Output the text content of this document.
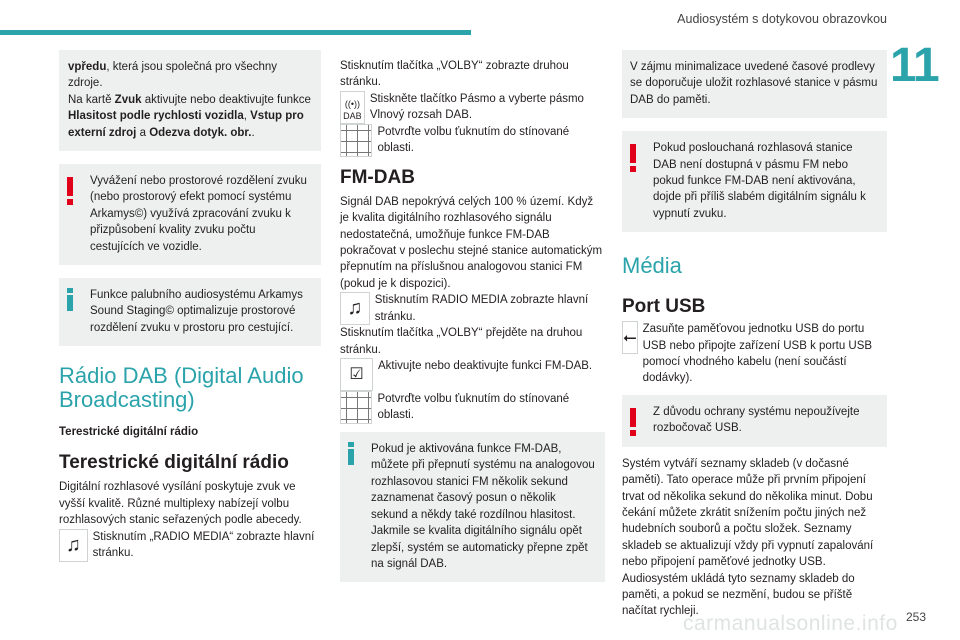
Audiosystém s dotykovou obrazovkou
11
vpředu, která jsou společná pro všechny zdroje.
Na kartě Zvuk aktivujte nebo deaktivujte funkce Hlasitost podle rychlosti vozidla, Vstup pro externí zdroj a Odezva dotyk. obr..
Vyvážení nebo prostorové rozdělení zvuku (nebo prostorový efekt pomocí systému Arkamys©) využívá zpracování zvuku k přizpůsobení kvality zvuku počtu cestujících ve vozidle.
Funkce palubního audiosystému Arkamys Sound Staging© optimalizuje prostorové rozdělení zvuku v prostoru pro cestující.
Rádio DAB (Digital Audio Broadcasting)
Terestrické digitální rádio
Terestrické digitální rádio
Digitální rozhlasové vysílání poskytuje zvuk ve vyšší kvalitě. Různé multiplexy nabízejí volbu rozhlasových stanic seřazených podle abecedy.
♫	Stisknutím „RADIO MEDIA“ zobrazte hlavní stránku.
Stisknutím tlačítka „VOLBY“ zobrazte druhou stránku.
((•))
DAB
Stiskněte tlačítko Pásmo a vyberte pásmo Vlnový rozsah DAB.
Potvrďte volbu ťuknutím do stínované oblasti.
FM-DAB
Signál DAB nepokrývá celých 100 % území. Když je kvalita digitálního rozhlasového signálu nedostatečná, umožňuje funkce FM-DAB pokračovat v poslechu stejné stanice automatickým přepnutím na příslušnou analogovou stanici FM (pokud je k dispozici).
♫	Stisknutím RADIO MEDIA zobrazte hlavní stránku.
Stisknutím tlačítka „VOLBY“ přejděte na druhou stránku.
☑	Aktivujte nebo deaktivujte funkci FM-DAB.
Potvrďte volbu ťuknutím do stínované oblasti.
Pokud je aktivována funkce FM-DAB, můžete při přepnutí systému na analogovou rozhlasovou stanici FM několik sekund zaznamenat časový posun o několik sekund a někdy také rozdílnou hlasitost. Jakmile se kvalita digitálního signálu opět zlepší, systém se automaticky přepne zpět na signál DAB.
V zájmu minimalizace uvedené časové prodlevy se doporučuje uložit rozhlasové stanice v pásmu DAB do paměti.
Pokud poslouchaná rozhlasová stanice DAB není dostupná v pásmu FM nebo pokud funkce FM-DAB není aktivována, dojde při příliš slabém digitálním signálu k vypnutí zvuku.
Média
Port USB
⭠ Zasuňte paměťovou jednotku USB do portu USB nebo připojte zařízení USB k portu USB pomocí vhodného kabelu (není součástí dodávky).
Z důvodu ochrany systému nepoužívejte rozbočovač USB.
Systém vytváří seznamy skladeb (v dočasné paměti). Tato operace může při prvním připojení trvat od několika sekund do několika minut. Dobu čekání můžete zkrátit snížením počtu jiných než hudebních souborů a počtu složek. Seznamy skladeb se aktualizují vždy při vypnutí zapalování nebo připojení paměťové jednotky USB. Audiosystém ukládá tyto seznamy skladeb do paměti, a pokud se nezmění, budou se příště načítat rychleji.
carmanualsonline.info 253
